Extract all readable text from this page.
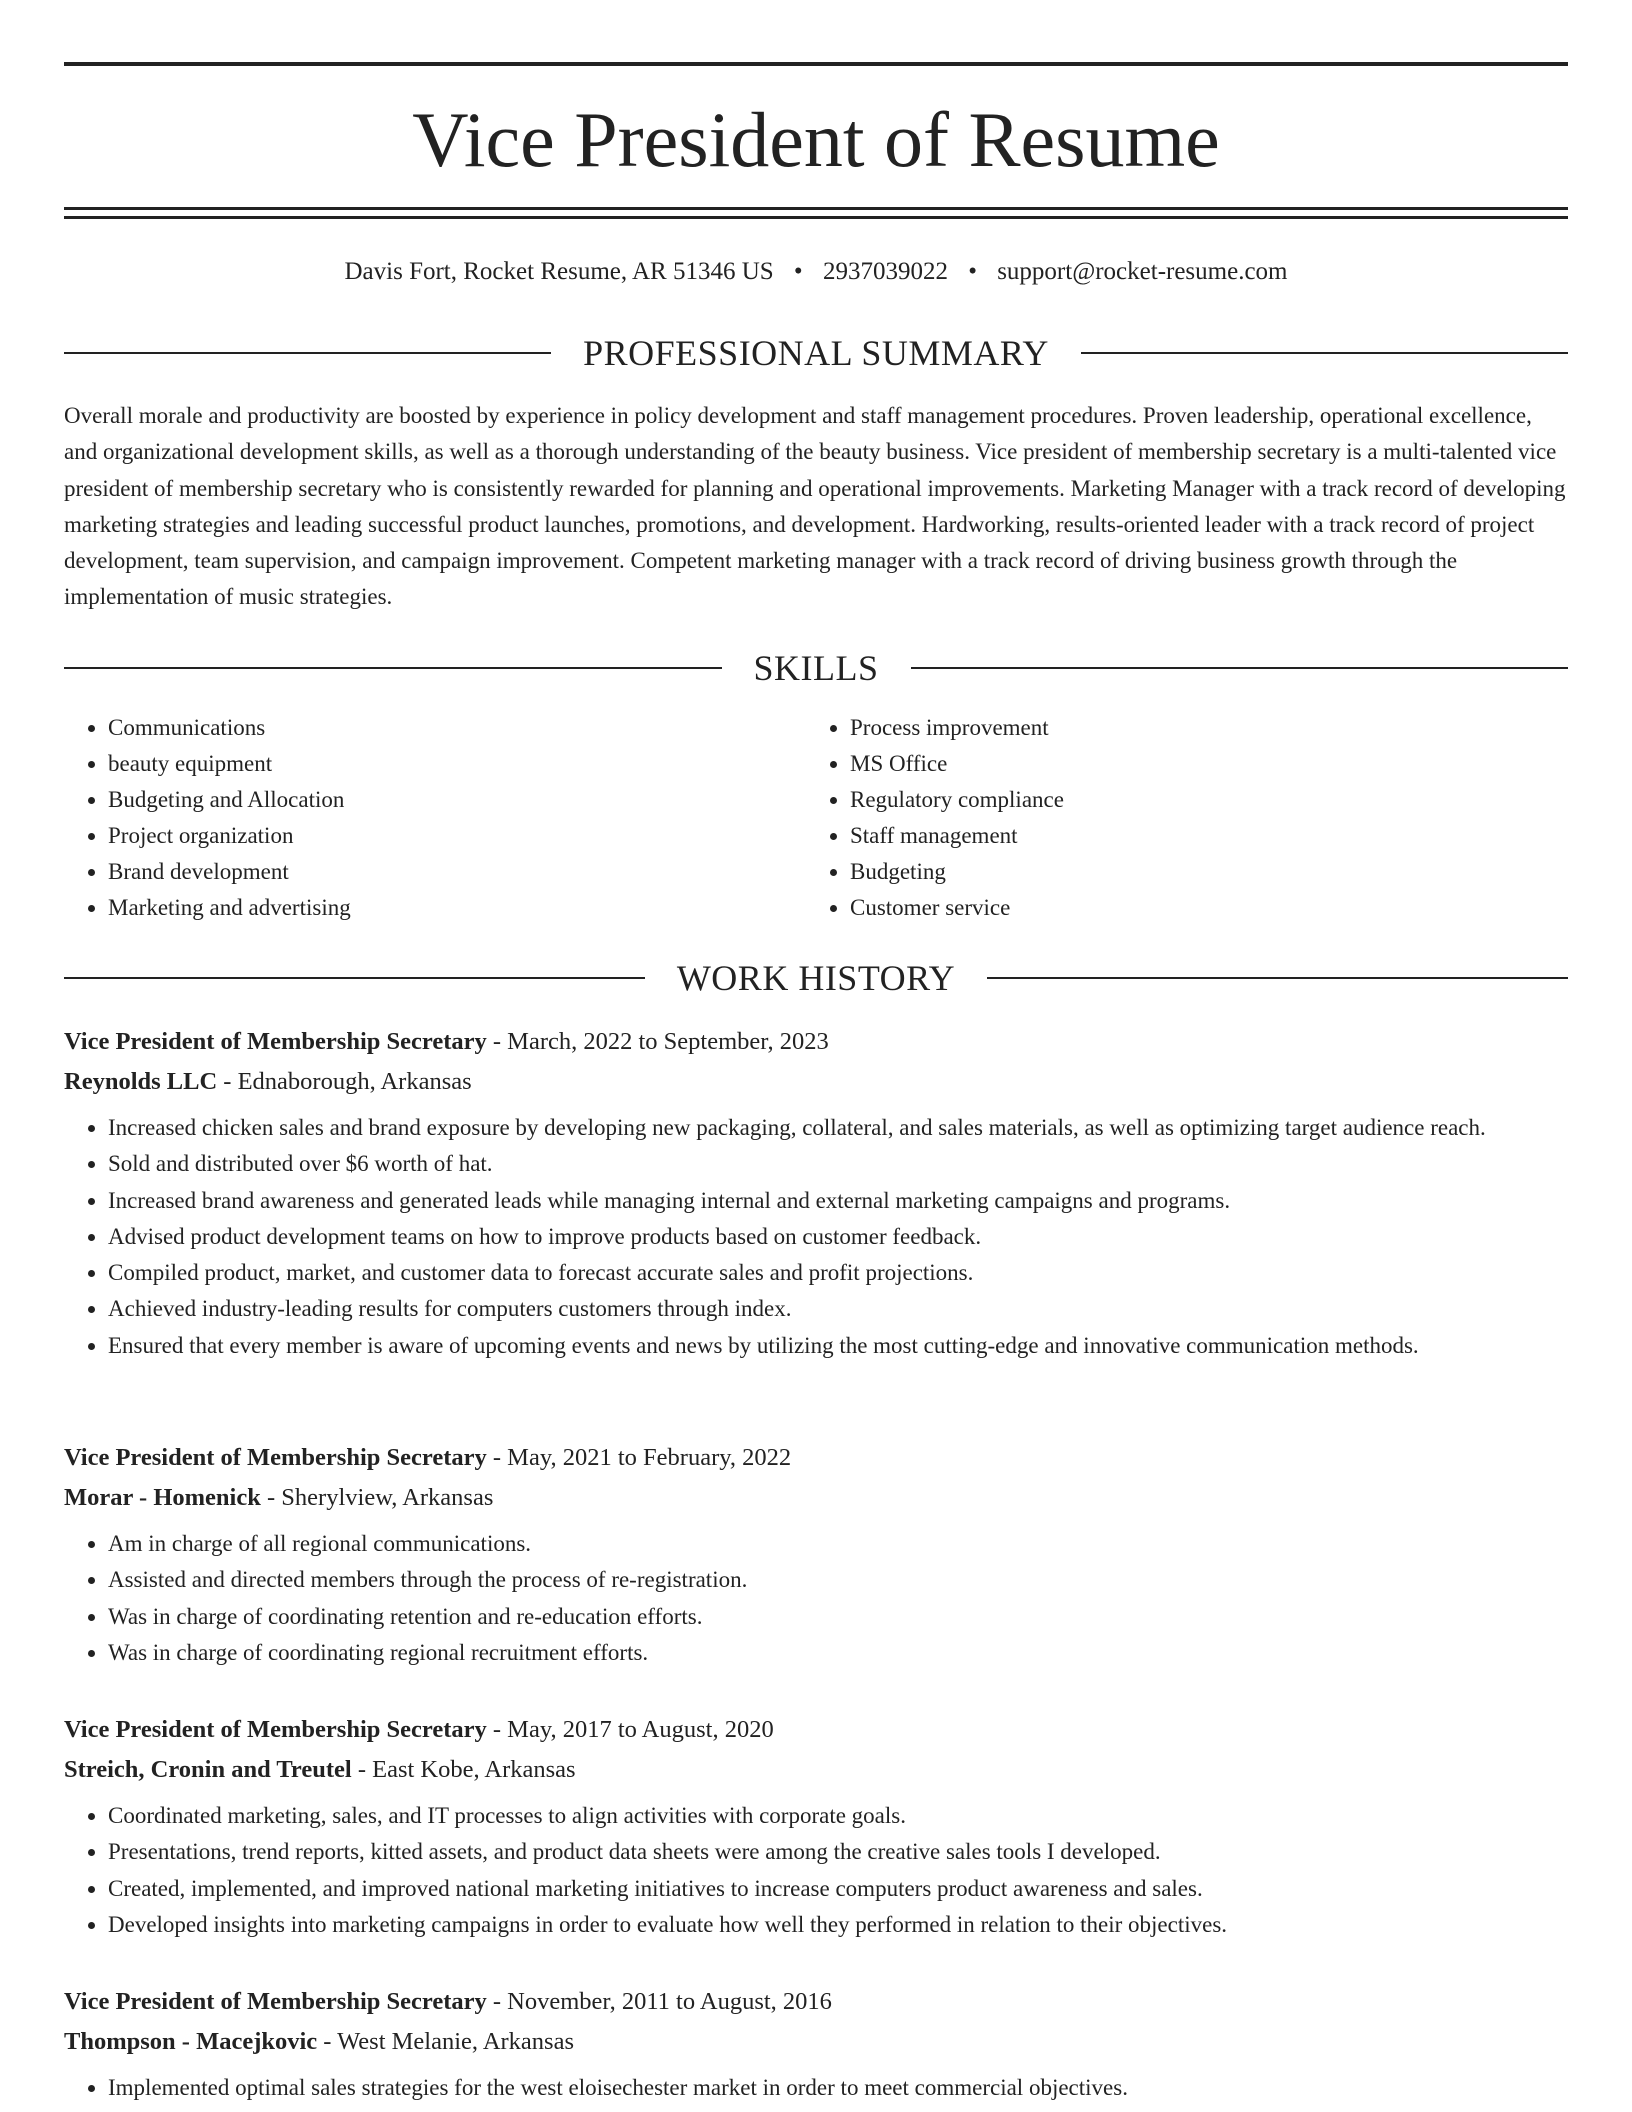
Vice President of Resume
Davis Fort, Rocket Resume, AR 51346 US • 2937039022 • support@rocket-resume.com
PROFESSIONAL SUMMARY

Overall morale and productivity are boosted by experience in policy development and staff management procedures. Proven leadership, operational excellence, and organizational development skills, as well as a thorough understanding of the beauty business. Vice president of membership secretary is a multi-talented vice president of membership secretary who is consistently rewarded for planning and operational improvements. Marketing Manager with a track record of developing marketing strategies and leading successful product launches, promotions, and development. Hardworking, results-oriented leader with a track record of project development, team supervision, and campaign improvement. Competent marketing manager with a track record of driving business growth through the implementation of music strategies.

SKILLS
• Communications
• beauty equipment
• Budgeting and Allocation
• Project organization
• Brand development
• Marketing and advertising
• Process improvement
• MS Office
• Regulatory compliance
• Staff management
• Budgeting
• Customer service
WORK HISTORY
Vice President of Membership Secretary - March, 2022 to September, 2023
Reynolds LLC - Ednaborough, Arkansas
• Increased chicken sales and brand exposure by developing new packaging, collateral, and sales materials, as well as optimizing target audience reach.
• Sold and distributed over $6 worth of hat.
• Increased brand awareness and generated leads while managing internal and external marketing campaigns and programs.
• Advised product development teams on how to improve products based on customer feedback.
• Compiled product, market, and customer data to forecast accurate sales and profit projections.
• Achieved industry-leading results for computers customers through index.
• Ensured that every member is aware of upcoming events and news by utilizing the most cutting-edge and innovative communication methods.
Vice President of Membership Secretary - May, 2021 to February, 2022
Morar - Homenick - Sherylview, Arkansas
• Am in charge of all regional communications.
• Assisted and directed members through the process of re-registration.
• Was in charge of coordinating retention and re-education efforts.
• Was in charge of coordinating regional recruitment efforts.
Vice President of Membership Secretary - May, 2017 to August, 2020
Streich, Cronin and Treutel - East Kobe, Arkansas
• Coordinated marketing, sales, and IT processes to align activities with corporate goals.
• Presentations, trend reports, kitted assets, and product data sheets were among the creative sales tools I developed.
• Created, implemented, and improved national marketing initiatives to increase computers product awareness and sales.
• Developed insights into marketing campaigns in order to evaluate how well they performed in relation to their objectives.
Vice President of Membership Secretary - November, 2011 to August, 2016
Thompson - Macejkovic - West Melanie, Arkansas
• Implemented optimal sales strategies for the west eloisechester market in order to meet commercial objectives.
